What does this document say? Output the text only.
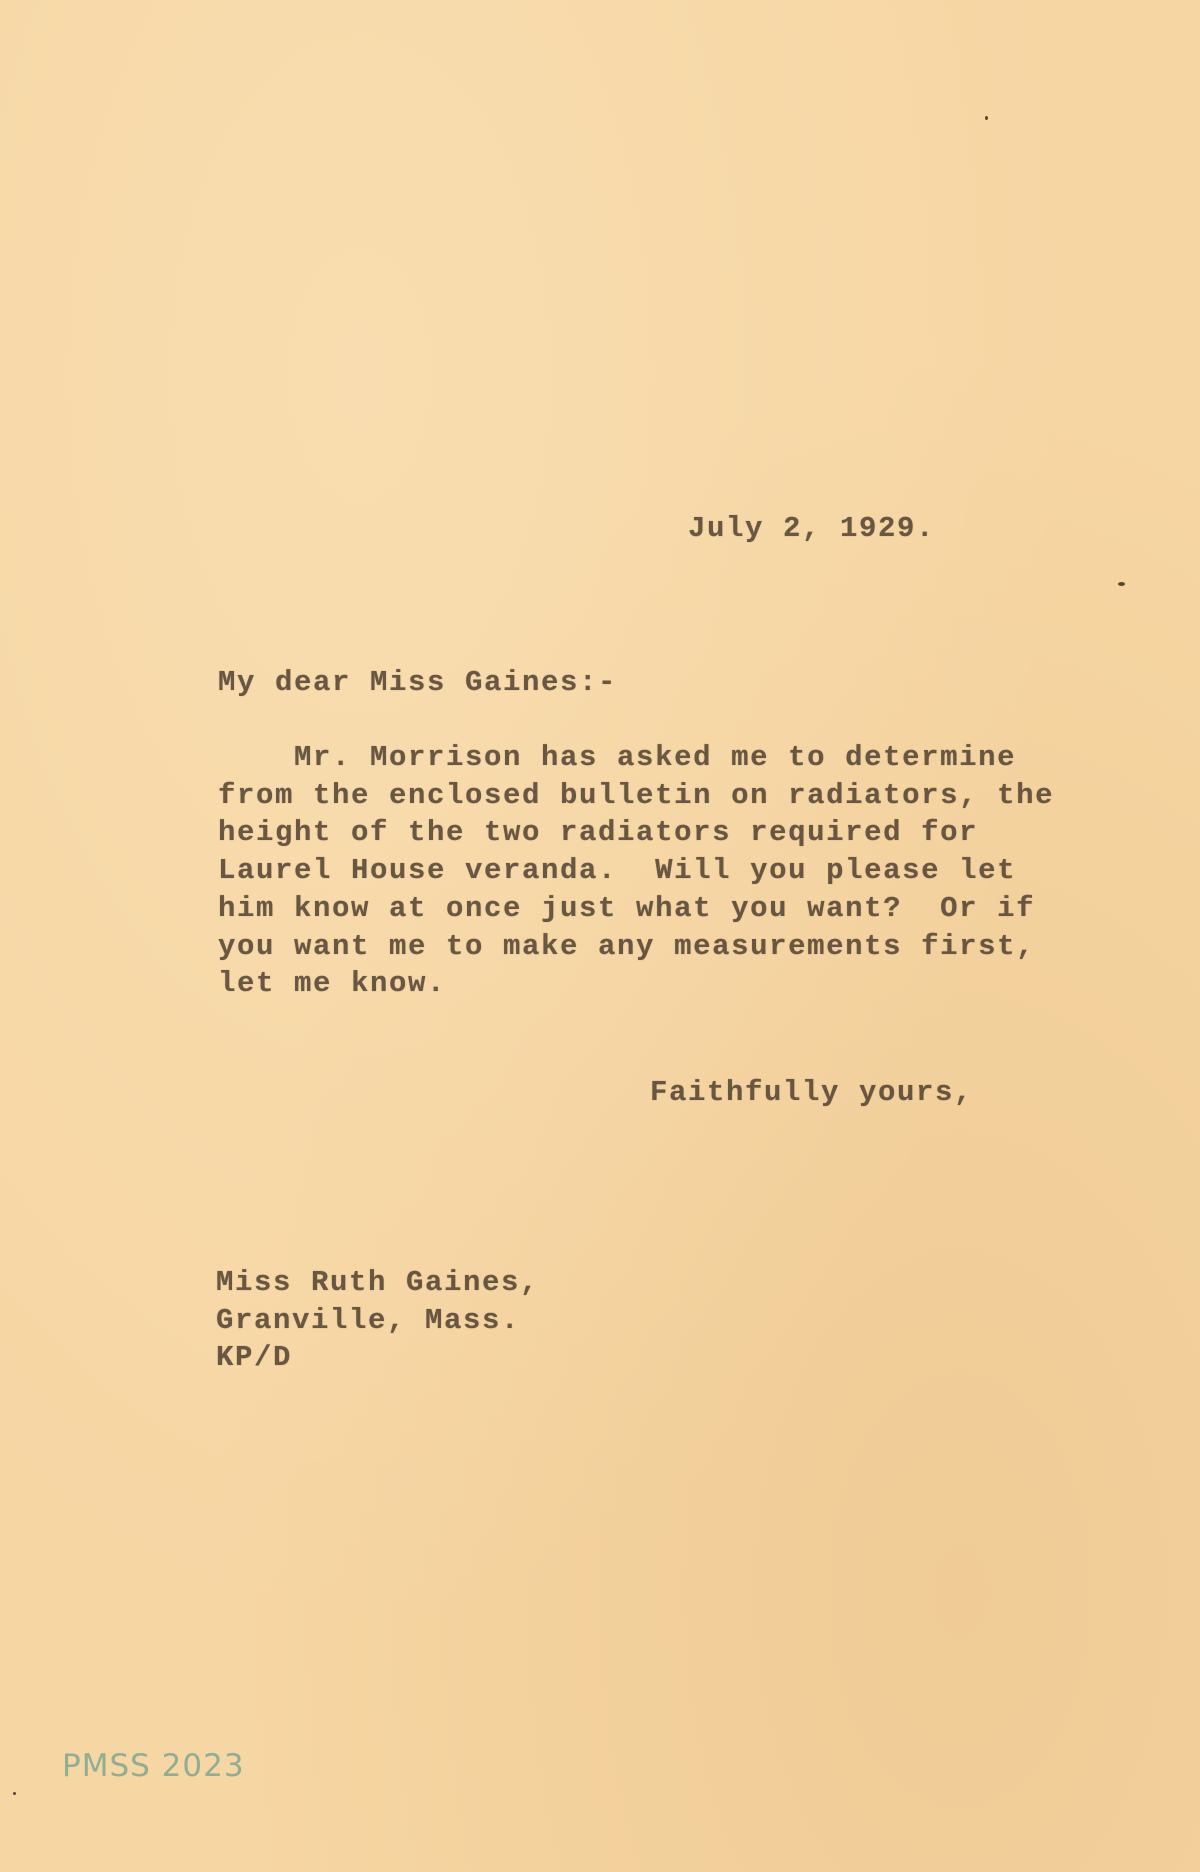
July 2, 1929.
My dear Miss Gaines:-
Mr. Morrison has asked me to determine
from the enclosed bulletin on radiators, the
height of the two radiators required for
Laurel House veranda.  Will you please let
him know at once just what you want?  Or if
you want me to make any measurements first,
let me know.
Faithfully yours,
Miss Ruth Gaines,
Granville, Mass.
KP/D
PMSS 2023
